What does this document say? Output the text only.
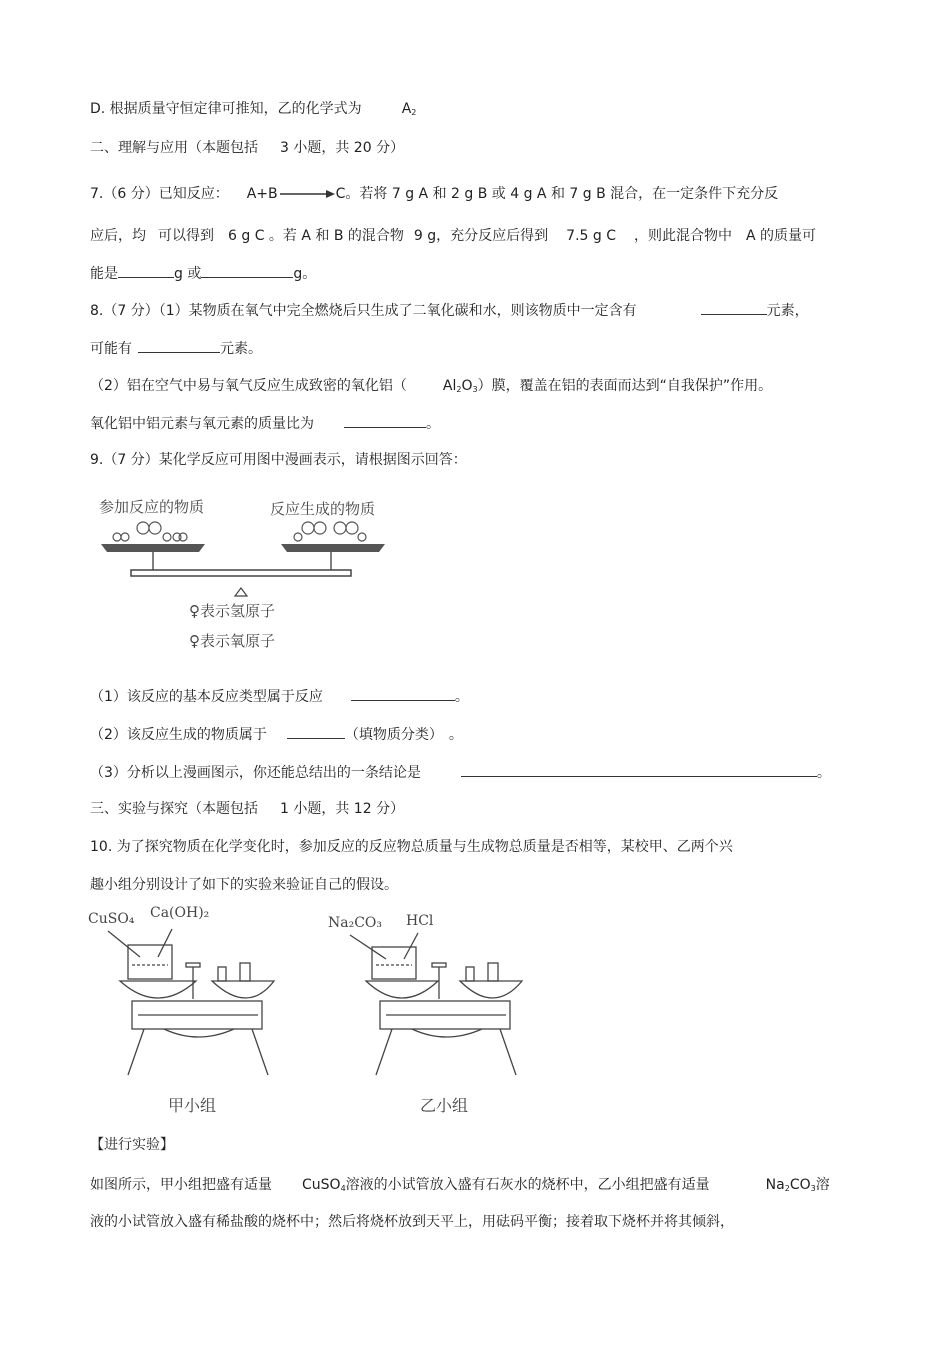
D. 根据质量守恒定律可推知，乙的化学式为	$A_2$
二、理解与应用（本题包括 3 小题，共 20 分）
7.（6 分）已知反应： A+B	C。若将 7 g A 和 2 g B 或 4 g A 和 7 g B 混合，在一定条件下充分反
应后，均 可以得到 6 g C 。若 A 和 B 的混合物 9 g，充分反应后得到 7.5 g C ，则此混合物中 A 的质量可
能是	g 或	g。
8.（7 分）（1）某物质在氧气中完全燃烧后只生成了二氧化碳和水，则该物质中一定含有	元素，
可能有	元素。
（2）铝在空气中易与氧气反应生成致密的氧化铝（	$Al_2O_3$）膜，覆盖在铝的表面而达到“自我保护”作用。
氧化铝中铝元素与氧元素的质量比为	。
9.（7 分）某化学反应可用图中漫画表示，请根据图示回答：
参加反应的物质	反应生成的物质
♀表示氢原子
♀表示氧原子
（1）该反应的基本反应类型属于反应	。
（2）该反应生成的物质属于	（填物质分类） 。
（3）分析以上漫画图示，你还能总结出的一条结论是	。
三、实验与探究（本题包括 1 小题，共 12 分）
10. 为了探究物质在化学变化时，参加反应的反应物总质量与生成物总质量是否相等，某校甲、乙两个兴
趣小组分别设计了如下的实验来验证自己的假设。
CuSO₄ Ca(OH)₂
甲小组
Na₂CO₃ HCl
乙小组
【进行实验】
如图所示，甲小组把盛有适量 CuSO$_4$溶液的小试管放入盛有石灰水的烧杯中，乙小组把盛有适量	$Na_2CO_3$溶
液的小试管放入盛有稀盐酸的烧杯中；然后将烧杯放到天平上，用砝码平衡；接着取下烧杯并将其倾斜，
